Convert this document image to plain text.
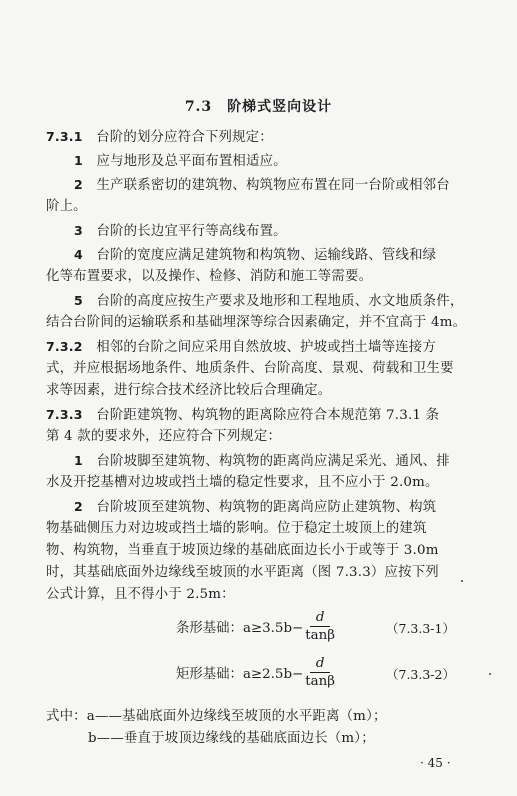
7.3　阶梯式竖向设计
7.3.1　 台阶的划分应符合下列规定：
1　 应与地形及总平面布置相适应。
2　 生产联系密切的建筑物、构筑物应布置在同一台阶或相邻台
阶上。
3　 台阶的长边宜平行等高线布置。
4　 台阶的宽度应满足建筑物和构筑物、运输线路、管线和绿
化等布置要求，以及操作、检修、消防和施工等需要。
5　 台阶的高度应按生产要求及地形和工程地质、水文地质条件，
结合台阶间的运输联系和基础埋深等综合因素确定，并不宜高于 4m。
7.3.2　 相邻的台阶之间应采用自然放坡、护坡或挡土墙等连接方
式，并应根据场地条件、地质条件、台阶高度、景观、荷载和卫生要
求等因素，进行综合技术经济比较后合理确定。
7.3.3　 台阶距建筑物、构筑物的距离除应符合本规范第 7.3.1 条
第 4 款的要求外，还应符合下列规定：
1　 台阶坡脚至建筑物、构筑物的距离尚应满足采光、通风、排
水及开挖基槽对边坡或挡土墙的稳定性要求，且不应小于 2.0m。
2　 台阶坡顶至建筑物、构筑物的距离尚应防止建筑物、构筑
物基础侧压力对边坡或挡土墙的影响。位于稳定土坡顶上的建筑
物、构筑物，当垂直于坡顶边缘的基础底面边长小于或等于 3.0m
时，其基础底面外边缘线至坡顶的水平距离（图 7.3.3）应按下列
公式计算，且不得小于 2.5m：
条形基础：$a\ge 3.5b- \frac{d}{\tan\beta}$	（7.3.3-1）
矩形基础：$a\ge 2.5b- \frac{d}{\tan\beta}$	（7.3.3-2）
式中：a——基础底面外边缘线至坡顶的水平距离（m）；
b——垂直于坡顶边缘线的基础底面边长（m）；
· 45 ·
